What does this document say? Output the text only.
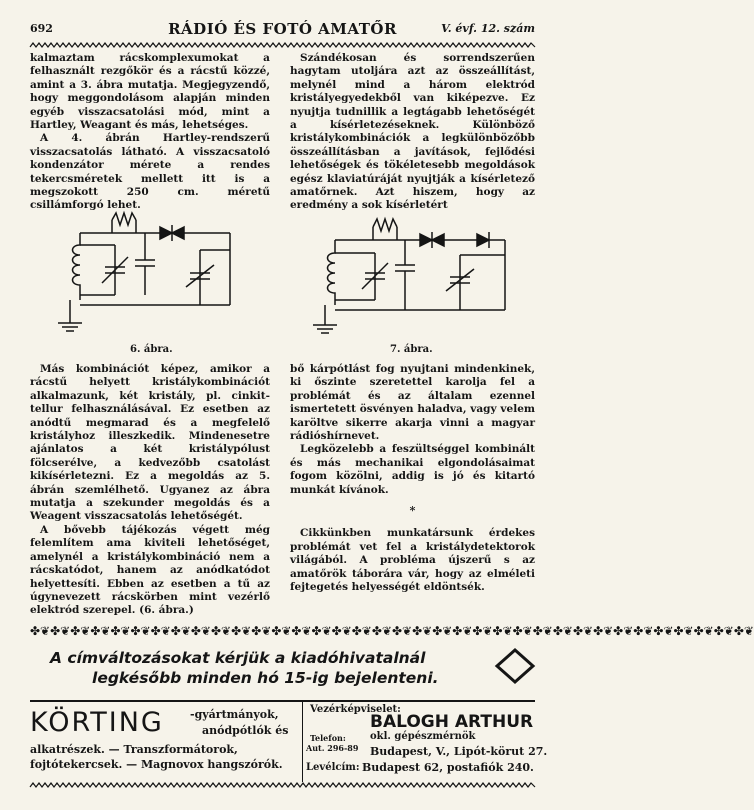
692	RÁDIÓ ÉS FOTÓ AMATŐR	V. évf. 12. szám

kalmaztam rácskomplexumokat a felhasznált rezgőkör és a rácstű közzé, amint a 3. ábra mutatja. Megjegyzendő, hogy meggondolásom alapján minden egyéb visszacsatolási mód, mint a Hartley, Weagant és más, lehetséges.

A 4. ábrán Hartley-rendszerű visszacsatolás látható. A visszacsatoló kondenzátor mérete a rendes tekercsméretek mellett itt is a megszokott 250 cm. méretű csillámforgó lehet.

6. ábra.	7. ábra.

Más kombinációt képez, amikor a rácstű helyett kristálykombinációt alkalmazunk, két kristály, pl. cinkit-tellur felhasználásával. Ez esetben az anódtű megmarad és a megfelelő kristályhoz illeszkedik. Mindenesetre ajánlatos a két kristálypólust fölcserélve, a kedvezőbb csatolást kikísérletezni. Ez a megoldás az 5. ábrán szemlélhető. Ugyanez az ábra mutatja a szekunder megoldás és a Weagent visszacsatolás lehetőségét.

A bővebb tájékozás végett még felemlítem ama kiviteli lehetőséget, amelynél a kristálykombináció nem a rácskatódot, hanem az anódkatódot helyettesíti. Ebben az esetben a tű az úgynevezett rácskörben mint vezérlő elektród szerepel. (6. ábra.)

Szándékosan és sorrendszerűen hagytam utoljára azt az összeállítást, melynél mind a három elektród kristályegyedekből van kiképezve. Ez nyujtja tudnillik a legtágabb lehetőségét a kísérletezéseknek. Különböző kristálykombinációk a legkülönbözőbb összeállításban a javítások, fejlődési lehetőségek és tökéletesebb megoldások egész klaviatúráját nyujtják a kísérletező amatőrnek. Azt hiszem, hogy az eredmény a sok kísérletért

bő kárpótlást fog nyujtani mindenkinek, ki őszinte szeretettel karolja fel a problémát és az általam ezennel ismertetett ösvényen haladva, vagy velem karöltve sikerre akarja vinni a magyar rádióshírnevet.

Legközelebb a feszültséggel kombinált és más mechanikai elgondolásaimat fogom közölni, addig is jó és kitartó munkát kívánok.

*

Cikkünkben munkatársunk érdekes problémát vet fel a kristálydetektorok világából. A probléma újszerű s az amatőrök táborára vár, hogy az elméleti fejtegetés helyességét eldöntsék.

✤❦✤❦✤❦✤❦✤❦✤❦✤❦✤❦✤❦✤❦✤❦✤❦✤❦✤❦✤❦✤❦✤❦✤❦✤❦✤❦✤❦✤❦✤❦✤❦✤❦✤❦✤❦✤❦✤❦✤❦✤❦✤❦✤❦✤❦✤❦✤❦
A címváltozásokat kérjük a kiadóhivatalnál
legkésőbb minden hó 15-ig bejelenteni.
KÖRTING -gyártmányok,
anódpótlók és
alkatrészek. — Transzformátorok, fojtótekercsek. — Magnovox hangszórók.
Vezérképviselet:
BALOGH ARTHUR
okl. gépészmérnök
Telefon:
Aut. 296-89 Budapest, V., Lipót-körut 27.
Levélcím: Budapest 62, postafiók 240.
